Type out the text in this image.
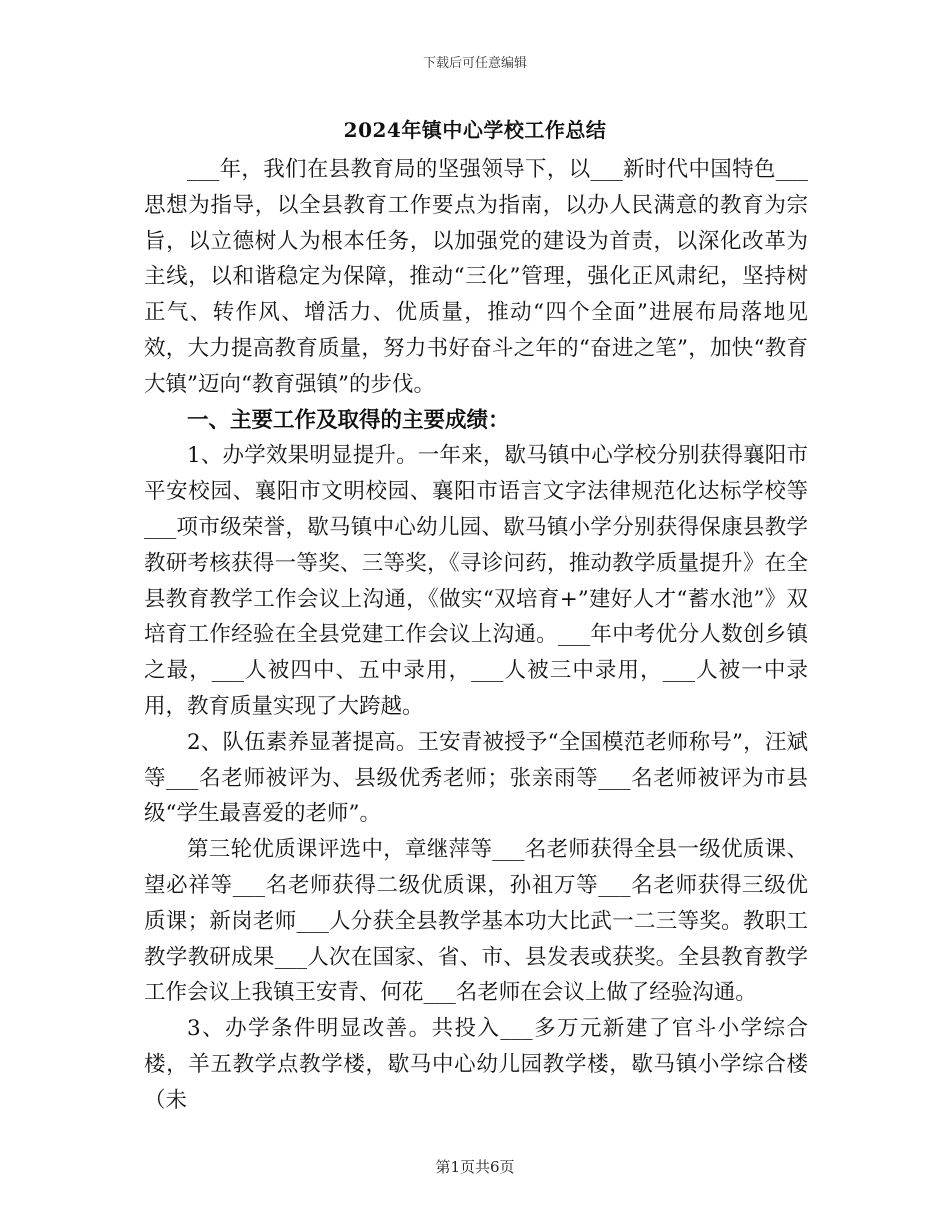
下载后可任意编辑
2024年镇中心学校工作总结

___年，我们在县教育局的坚强领导下，以___新时代中国特色___思想为指导，以全县教育工作要点为指南，以办人民满意的教育为宗旨，以立德树人为根本任务，以加强党的建设为首责，以深化改革为主线，以和谐稳定为保障，推动“三化”管理，强化正风肃纪，坚持树正气、转作风、增活力、优质量，推动“四个全面”进展布局落地见效，大力提高教育质量，努力书好奋斗之年的“奋进之笔”，加快“教育大镇”迈向“教育强镇”的步伐。

一、主要工作及取得的主要成绩：

1、办学效果明显提升。一年来，歇马镇中心学校分别获得襄阳市平安校园、襄阳市文明校园、襄阳市语言文字法律规范化达标学校等___项市级荣誉，歇马镇中心幼儿园、歇马镇小学分别获得保康县教学教研考核获得一等奖、三等奖，《寻诊问药，推动教学质量提升》在全县教育教学工作会议上沟通，《做实“双培育+”建好人才“蓄水池”》双培育工作经验在全县党建工作会议上沟通。___年中考优分人数创乡镇之最，___人被四中、五中录用，___人被三中录用，___人被一中录用，教育质量实现了大跨越。

2、队伍素养显著提高。王安青被授予“全国模范老师称号”，汪斌等___名老师被评为、县级优秀老师；张亲雨等___名老师被评为市县级“学生最喜爱的老师”。

第三轮优质课评选中，章继萍等___名老师获得全县一级优质课、望必祥等___名老师获得二级优质课，孙祖万等___名老师获得三级优质课；新岗老师___人分获全县教学基本功大比武一二三等奖。教职工教学教研成果___人次在国家、省、市、县发表或获奖。全县教育教学工作会议上我镇王安青、何花___名老师在会议上做了经验沟通。

3、办学条件明显改善。共投入___多万元新建了官斗小学综合楼，羊五教学点教学楼，歇马中心幼儿园教学楼，歇马镇小学综合楼（未

第1页共6页
